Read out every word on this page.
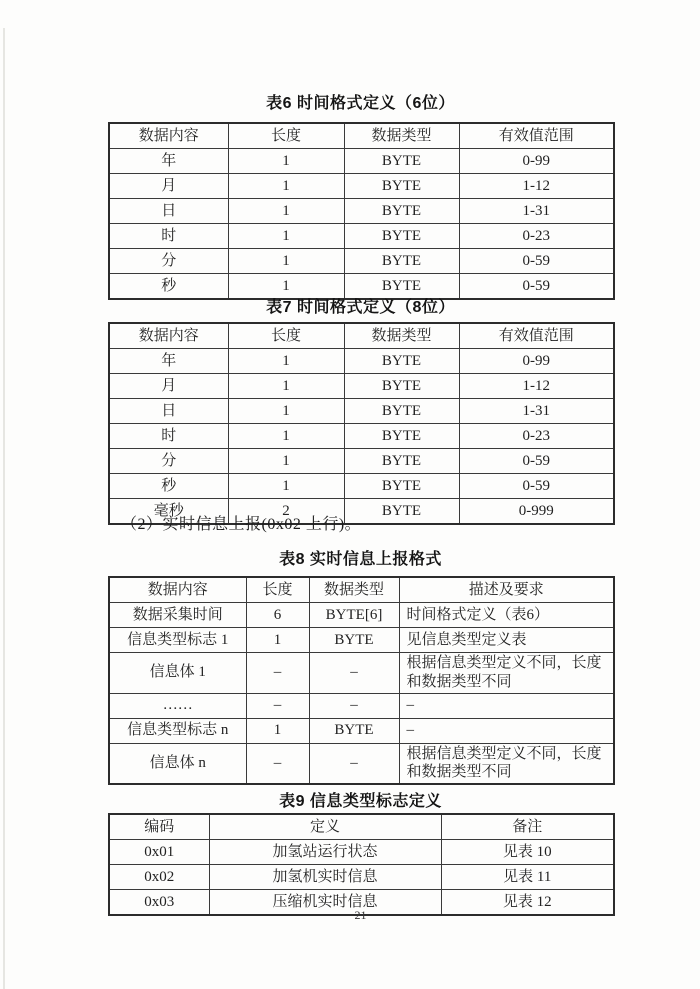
表6 时间格式定义（6位）
数据内容	长度	数据类型	有效值范围
年	1	BYTE	0-99
月	1	BYTE	1-12
日	1	BYTE	1-31
时	1	BYTE	0-23
分	1	BYTE	0-59
秒	1	BYTE	0-59
表7 时间格式定义（8位）
数据内容	长度	数据类型	有效值范围
年	1	BYTE	0-99
月	1	BYTE	1-12
日	1	BYTE	1-31
时	1	BYTE	0-23
分	1	BYTE	0-59
秒	1	BYTE	0-59
毫秒	2	BYTE	0-999
（2）实时信息上报(0x02 上行)。
表8 实时信息上报格式
数据内容	长度	数据类型	描述及要求
数据采集时间	6	BYTE[6]	时间格式定义（表6）
信息类型标志 1	1	BYTE	见信息类型定义表
信息体 1	–	–	根据信息类型定义不同，长度和数据类型不同
……	–	–	–
信息类型标志 n	1	BYTE	–
信息体 n	–	–	根据信息类型定义不同，长度和数据类型不同
表9 信息类型标志定义
编码	定义	备注
0x01	加氢站运行状态	见表 10
0x02	加氢机实时信息	见表 11
0x03	压缩机实时信息	见表 12
21
